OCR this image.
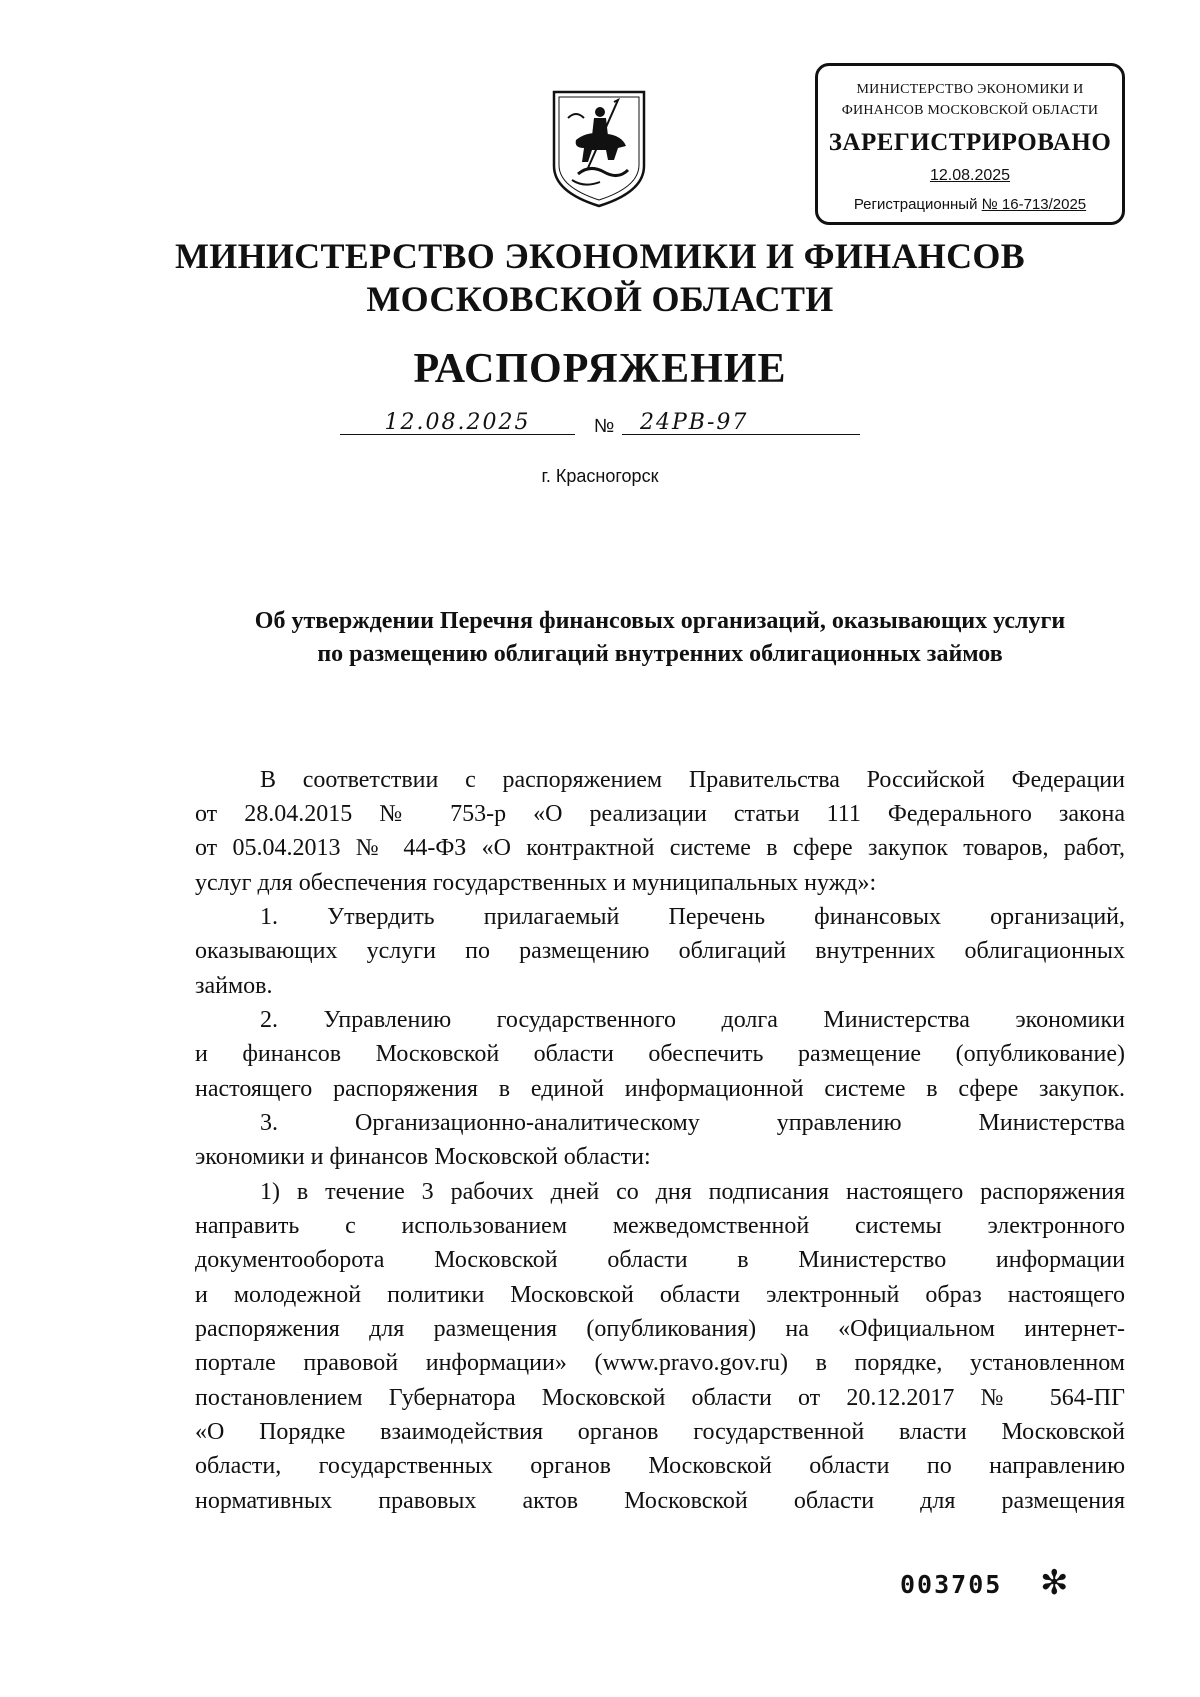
МИНИСТЕРСТВО ЭКОНОМИКИ И
ФИНАНСОВ МОСКОВСКОЙ ОБЛАСТИ
ЗАРЕГИСТРИРОВАНО
12.08.2025
Регистрационный № 16-713/2025
МИНИСТЕРСТВО ЭКОНОМИКИ И ФИНАНСОВ
МОСКОВСКОЙ ОБЛАСТИ
РАСПОРЯЖЕНИЕ
12.08.2025	№ 24РВ-97
г. Красногорск
Об утверждении Перечня финансовых организаций, оказывающих услуги
по размещению облигаций внутренних облигационных займов
В соответствии с распоряжением Правительства Российской Федерации
от 28.04.2015 № 753-р «О реализации статьи 111 Федерального закона
от 05.04.2013 № 44-ФЗ «О контрактной системе в сфере закупок товаров, работ,
услуг для обеспечения государственных и муниципальных нужд»:
1. Утвердить прилагаемый Перечень финансовых организаций,
оказывающих услуги по размещению облигаций внутренних облигационных
займов.
2. Управлению государственного долга Министерства экономики
и финансов Московской области обеспечить размещение (опубликование)
настоящего распоряжения в единой информационной системе в сфере закупок.
3. Организационно-аналитическому управлению Министерства
экономики и финансов Московской области:
1) в течение 3 рабочих дней со дня подписания настоящего распоряжения
направить с использованием межведомственной системы электронного
документооборота Московской области в Министерство информации
и молодежной политики Московской области электронный образ настоящего
распоряжения для размещения (опубликования) на «Официальном интернет-
портале правовой информации» (www.pravo.gov.ru) в порядке, установленном
постановлением Губернатора Московской области от 20.12.2017 № 564-ПГ
«О Порядке взаимодействия органов государственной власти Московской
области, государственных органов Московской области по направлению
нормативных правовых актов Московской области для размещения
003705 ✻
